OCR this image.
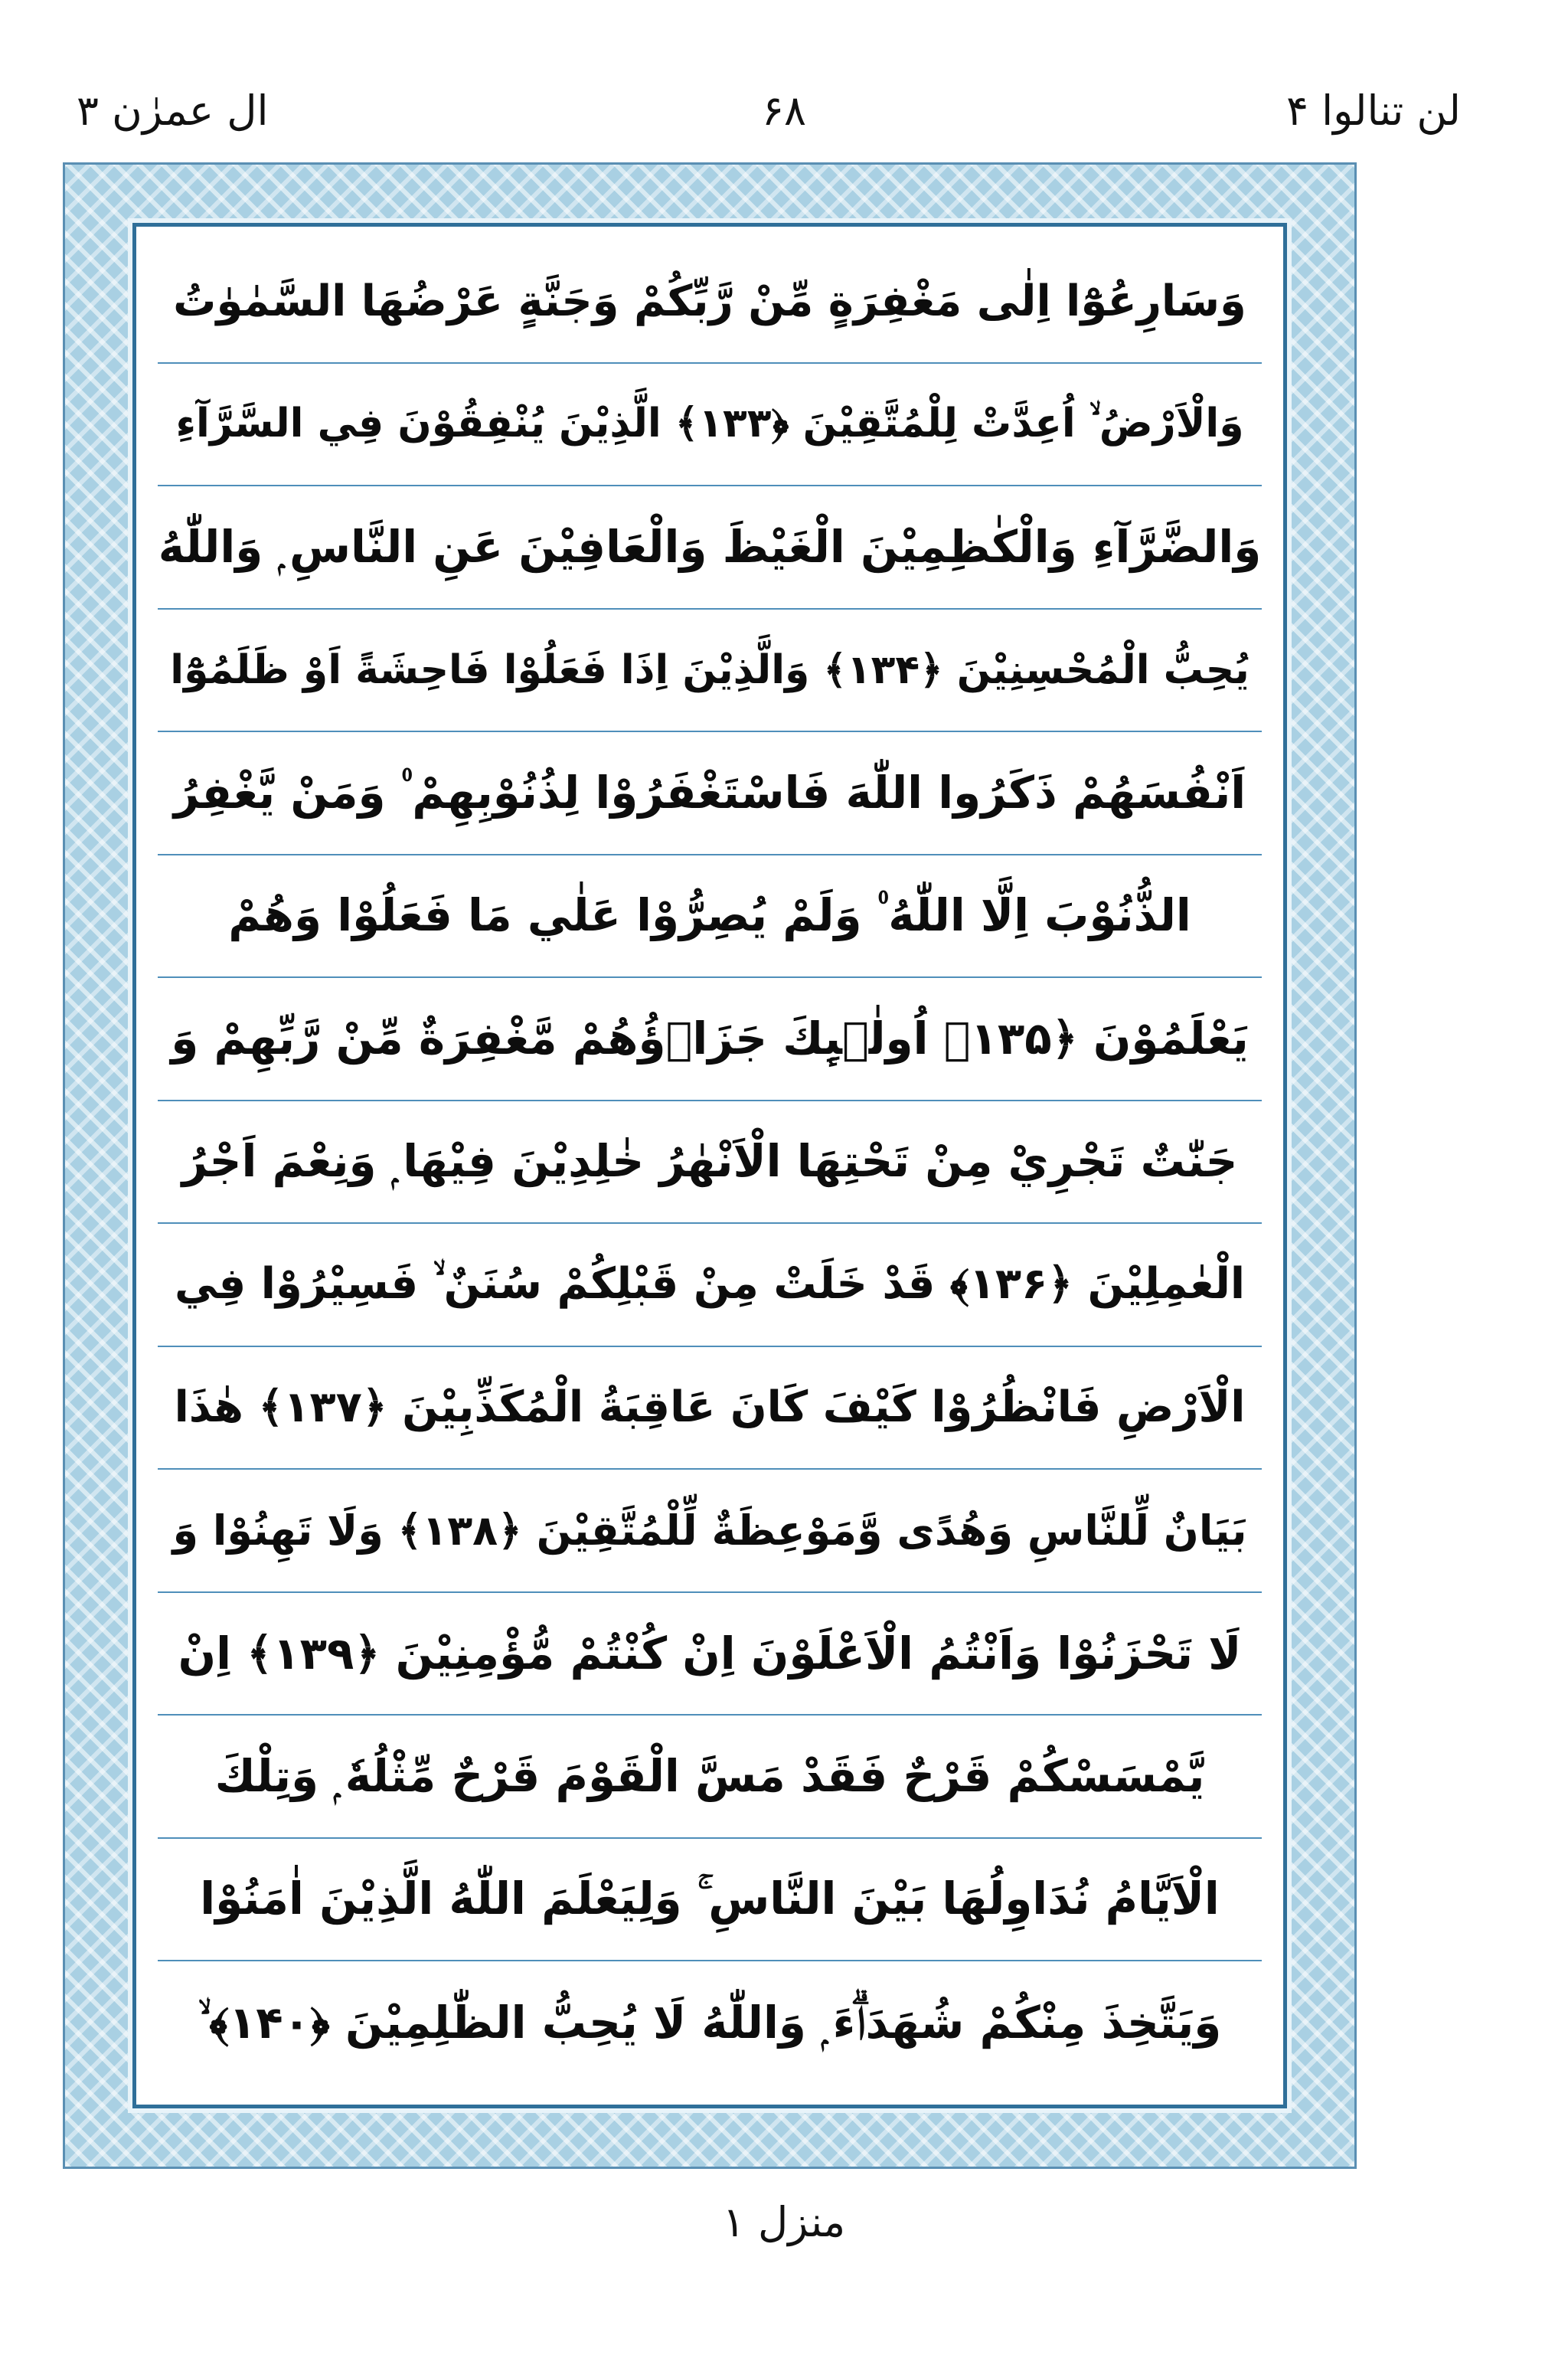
ال عمرٰن ۳	۶۸	لن تنالوا ۴
وَسَارِعُوْٓا اِلٰى مَغْفِرَةٍ مِّنْ رَّبِّكُمْ وَجَنَّةٍ عَرْضُهَا السَّمٰوٰتُ
وَالْاَرْضُ ۙ اُعِدَّتْ لِلْمُتَّقِيْنَ ﴿۱۳۳﴾ الَّذِيْنَ يُنْفِقُوْنَ فِي السَّرَّآءِ
وَالضَّرَّآءِ وَالْكٰظِمِيْنَ الْغَيْظَ وَالْعَافِيْنَ عَنِ النَّاسِ ۭ وَاللّٰهُ
يُحِبُّ الْمُحْسِنِيْنَ ﴿۱۳۴﴾ وَالَّذِيْنَ اِذَا فَعَلُوْا فَاحِشَةً اَوْ ظَلَمُوْٓا
اَنْفُسَھُمْ ذَكَرُوا اللّٰهَ فَاسْتَغْفَرُوْا لِذُنُوْبِهِمْ ۠ وَمَنْ يَّغْفِرُ
الذُّنُوْبَ اِلَّا اللّٰهُ ۠ وَلَمْ يُصِرُّوْا عَلٰي مَا فَعَلُوْا وَھُمْ
يَعْلَمُوْنَ ﴿۱۳۵﴾ اُولٰۗىِٕكَ جَزَاۗؤُھُمْ مَّغْفِرَةٌ مِّنْ رَّبِّھِمْ وَ
جَنّٰتٌ تَجْرِيْ مِنْ تَحْتِهَا الْاَنْهٰرُ خٰلِدِيْنَ فِيْهَا ۭ وَنِعْمَ اَجْرُ
الْعٰمِلِيْنَ ﴿۱۳۶﴾ قَدْ خَلَتْ مِنْ قَبْلِكُمْ سُنَنٌ ۙ فَسِيْرُوْا فِي
الْاَرْضِ فَانْظُرُوْا كَيْفَ كَانَ عَاقِبَةُ الْمُكَذِّبِيْنَ ﴿۱۳۷﴾ ھٰذَا
بَيَانٌ لِّلنَّاسِ وَھُدًى وَّمَوْعِظَةٌ لِّلْمُتَّقِيْنَ ﴿۱۳۸﴾ وَلَا تَهِنُوْا وَ
لَا تَحْزَنُوْا وَاَنْتُمُ الْاَعْلَوْنَ اِنْ كُنْتُمْ مُّؤْمِنِيْنَ ﴿۱۳۹﴾ اِنْ
يَّمْسَسْكُمْ قَرْحٌ فَقَدْ مَسَّ الْقَوْمَ قَرْحٌ مِّثْلُهٗ ۭ وَتِلْكَ
الْاَيَّامُ نُدَاوِلُھَا بَيْنَ النَّاسِ ۚ وَلِيَعْلَمَ اللّٰهُ الَّذِيْنَ اٰمَنُوْا
وَيَتَّخِذَ مِنْكُمْ شُهَدَاۗءَ ۭ وَاللّٰهُ لَا يُحِبُّ الظّٰلِمِيْنَ ﴿۱۴۰﴾ ۙ
منزل ۱
